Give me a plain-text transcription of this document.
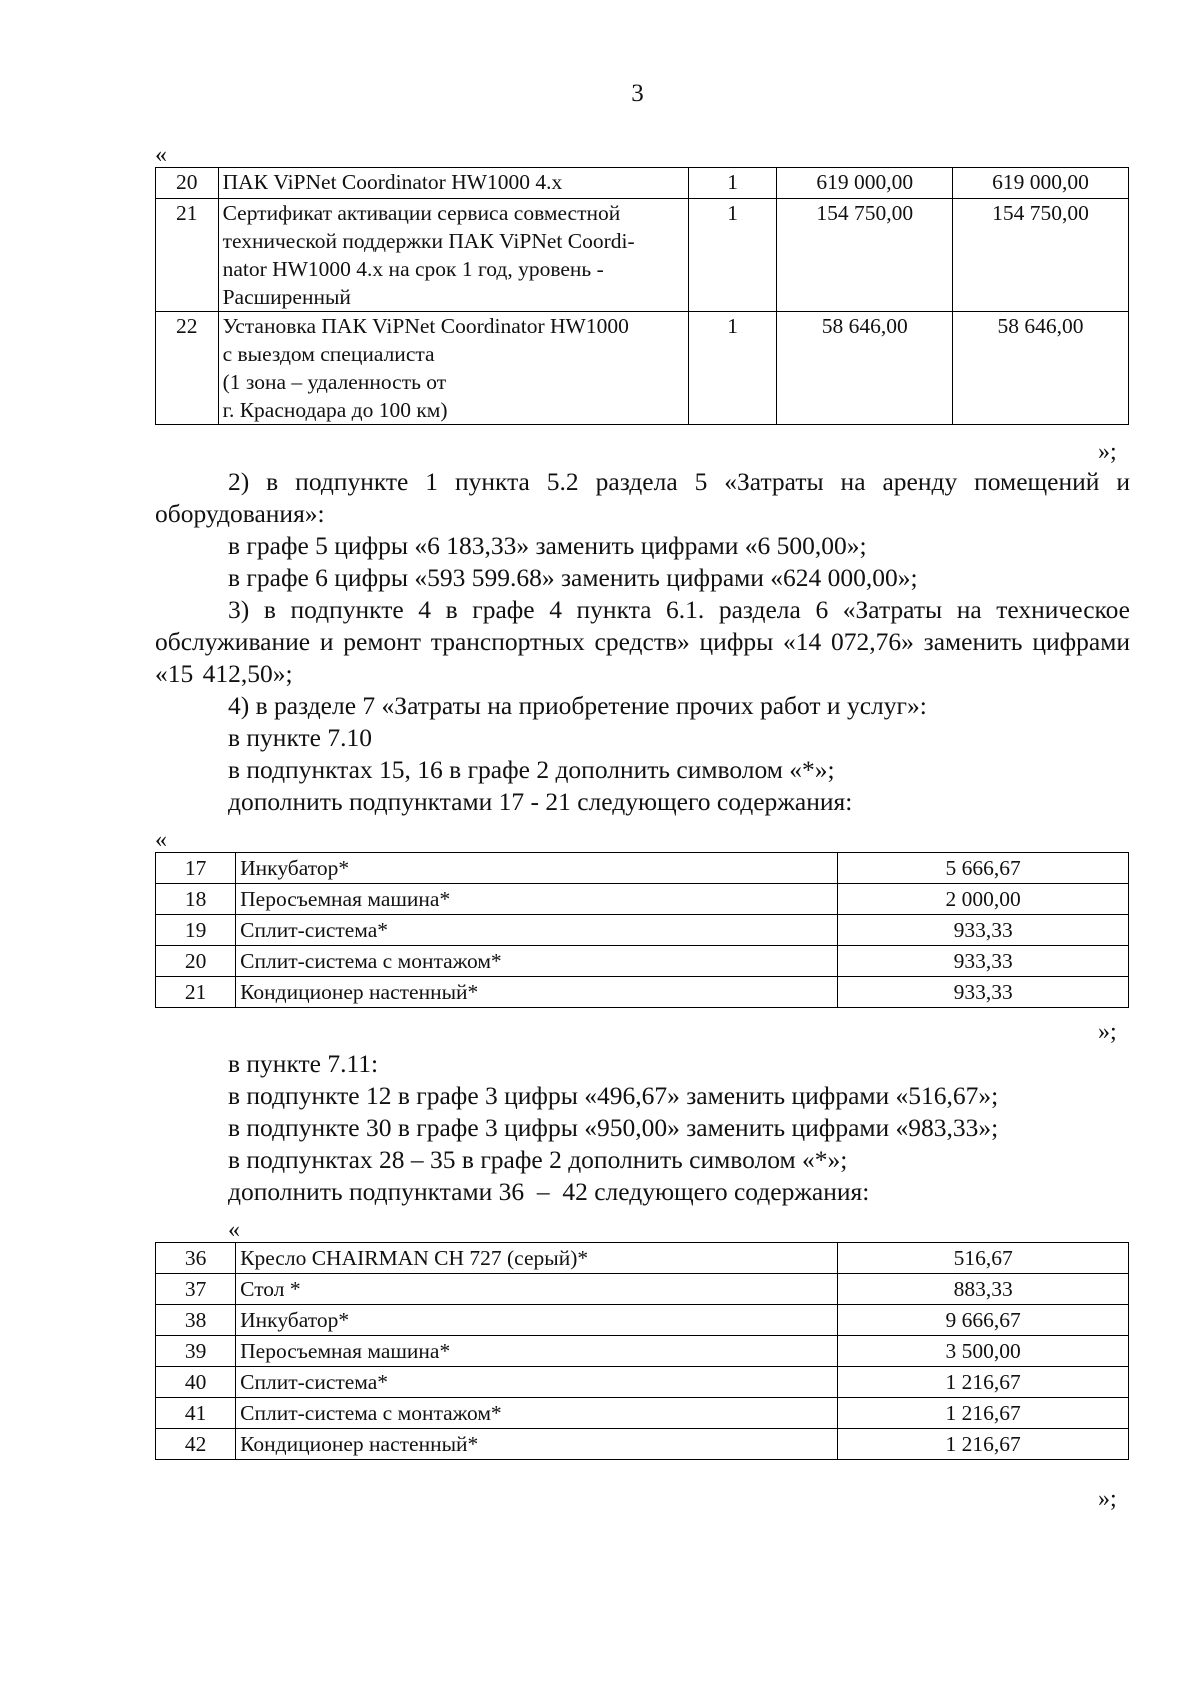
3
«
20	ПАК ViPNet Coordinator HW1000 4.x	1	619 000,00	619 000,00
21	Сертификат активации сервиса совместной
технической поддержки ПАК ViPNet Coordi-
nator HW1000 4.x на срок 1 год, уровень -
Расширенный	1	154 750,00	154 750,00
22	Установка ПАК ViPNet Coordinator HW1000
с выездом специалиста
(1 зона – удаленность от
г. Краснодара до 100 км)	1	58 646,00	58 646,00
»;

2) в подпункте 1 пункта 5.2 раздела 5 «Затраты на аренду помещений и оборудования»:

в графе 5 цифры «6 183,33» заменить цифрами «6 500,00»;

в графе 6 цифры «593 599.68» заменить цифрами «624 000,00»;

3) в подпункте 4 в графе 4 пункта 6.1. раздела 6 «Затраты на техническое обслуживание и ремонт транспортных средств» цифры «14 072,76» заменить цифрами «15 412,50»;

4) в разделе 7 «Затраты на приобретение прочих работ и услуг»:

в пункте 7.10

в подпунктах 15, 16 в графе 2 дополнить символом «*»;

дополнить подпунктами 17 - 21 следующего содержания:

«
17	Инкубатор*	5 666,67
18	Перосъемная машина*	2 000,00
19	Сплит-система*	933,33
20	Сплит-система с монтажом*	933,33
21	Кондиционер настенный*	933,33
»;

в пункте 7.11:

в подпункте 12 в графе 3 цифры «496,67» заменить цифрами «516,67»;

в подпункте 30 в графе 3 цифры «950,00» заменить цифрами «983,33»;

в подпунктах 28 – 35 в графе 2 дополнить символом «*»;

дополнить подпунктами 36  –  42 следующего содержания:

«
36	Кресло CHAIRMAN CH 727 (серый)*	516,67
37	Стол *	883,33
38	Инкубатор*	9 666,67
39	Перосъемная машина*	3 500,00
40	Сплит-система*	1 216,67
41	Сплит-система с монтажом*	1 216,67
42	Кондиционер настенный*	1 216,67
»;
